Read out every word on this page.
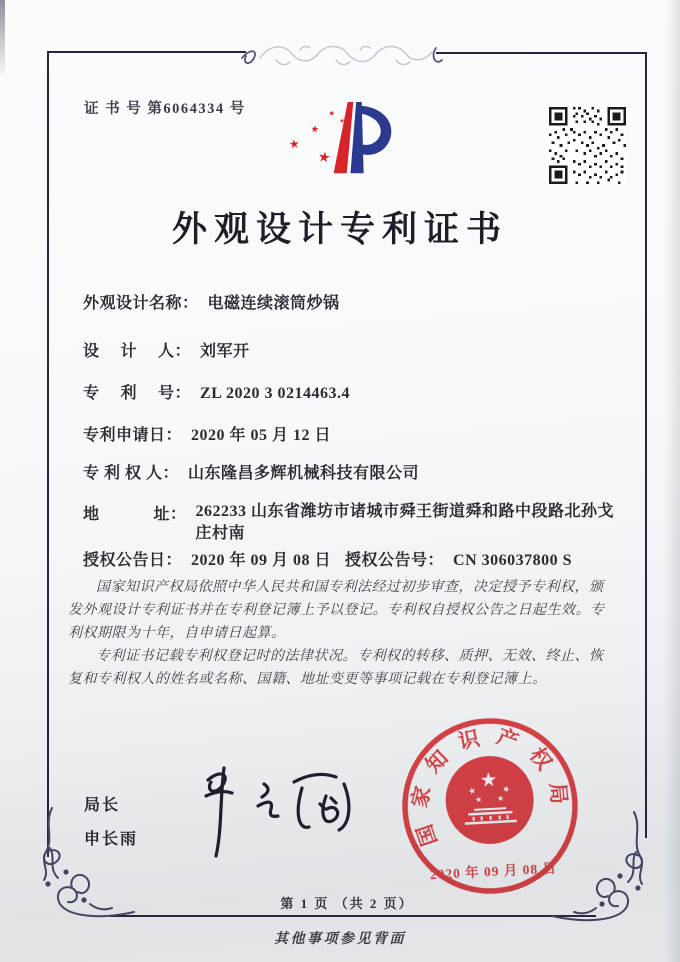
证 书 号 第6064334 号
外观设计专利证书
外观设计名称： 电磁连续滚筒炒锅
设　 计　 人： 刘军开
专　 利　 号： ZL 2020 3 0214463.4
专利申请日： 2020 年 05 月 12 日
专 利 权 人： 山东隆昌多辉机械科技有限公司
地　　　 址： 262233 山东省潍坊市诸城市舜王街道舜和路中段路北孙戈庄村南
授权公告日： 2020 年 09 月 08 日 授权公告号： CN 306037800 S

国家知识产权局依照中华人民共和国专利法经过初步审查，决定授予专利权，颁发外观设计专利证书并在专利登记簿上予以登记。专利权自授权公告之日起生效。专利权期限为十年，自申请日起算。

专利证书记载专利权登记时的法律状况。专利权的转移、质押、无效、终止、恢复和专利权人的姓名或名称、国籍、地址变更等事项记载在专利登记簿上。

局长
申长雨	国家知识产权局
2020 年 09 月 08 日
第 1 页 （共 2 页）
其他事项参见背面
